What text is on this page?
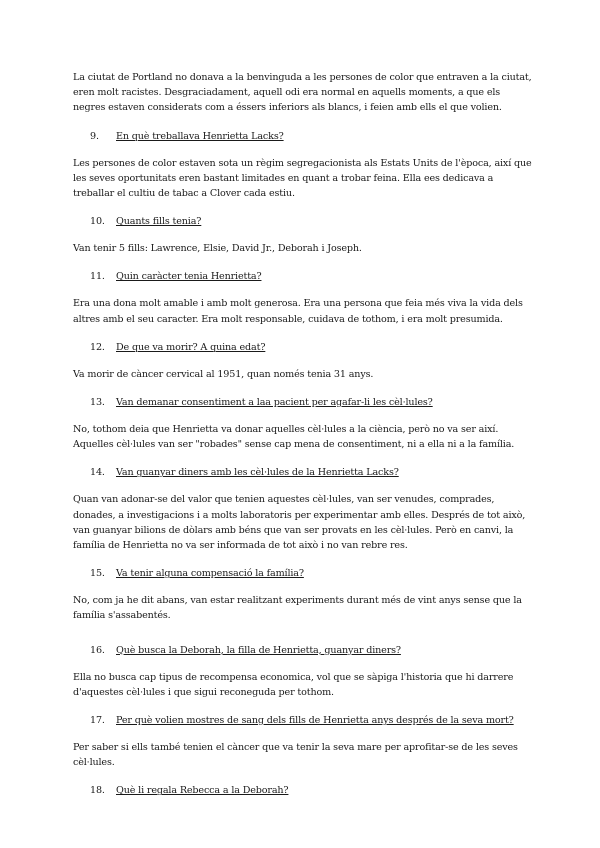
La ciutat de Portland no donava a la benvinguda a les persones de color que entraven a la ciutat, eren molt racistes. Desgraciadament, aquell odi era normal en aquells moments, a que els negres estaven considerats com a éssers inferiors als blancs, i feien amb ells el que volien.

9.	En què treballava Henrietta Lacks?

Les persones de color estaven sota un règim segregacionista als Estats Units de l'època, així que les seves oportunitats eren bastant limitades en quant a trobar feina. Ella ees dedicava a treballar el cultiu de tabac a Clover cada estiu.

10.	Quants fills tenia?

Van tenir 5 fills: Lawrence, Elsie, David Jr., Deborah i Joseph.

11.	Quin caràcter tenia Henrietta?

Era una dona molt amable i amb molt generosa. Era una persona que feia més viva la vida dels altres amb el seu caracter. Era molt responsable, cuidava de tothom, i era molt presumida.

12.	De que va morir? A quina edat?

Va morir de càncer cervical al 1951, quan només tenia 31 anys.

13.	Van demanar consentiment a laa pacient per agafar-li les cèl·lules?

No, tothom deia que Henrietta va donar aquelles cèl·lules a la ciència, però no va ser així. Aquelles cèl·lules van ser "robades" sense cap mena de consentiment, ni a ella ni a la família.

14.	Van guanyar diners amb les cèl·lules de la Henrietta Lacks?

Quan van adonar-se del valor que tenien aquestes cèl·lules, van ser venudes, comprades, donades, a investigacions i a molts laboratoris per experimentar amb elles. Després de tot això, van guanyar bilions de dòlars amb béns que van ser provats en les cèl·lules. Però en canvi, la família de Henrietta no va ser informada de tot això i no van rebre res.

15.	Va tenir alguna compensació la família?

No, com ja he dit abans, van estar realitzant experiments durant més de vint anys sense que la família s'assabentés.

16.	Què busca la Deborah, la filla de Henrietta, guanyar diners?

Ella no busca cap tipus de recompensa economica, vol que se sàpiga l'historia que hi darrere d'aquestes cèl·lules i que sigui reconeguda per tothom.

17.	Per què volien mostres de sang dels fills de Henrietta anys després de la seva mort?

Per saber si ells també tenien el càncer que va tenir la seva mare per aprofitar-se de les seves cèl·lules.

18.	Què li regala Rebecca a la Deborah?
